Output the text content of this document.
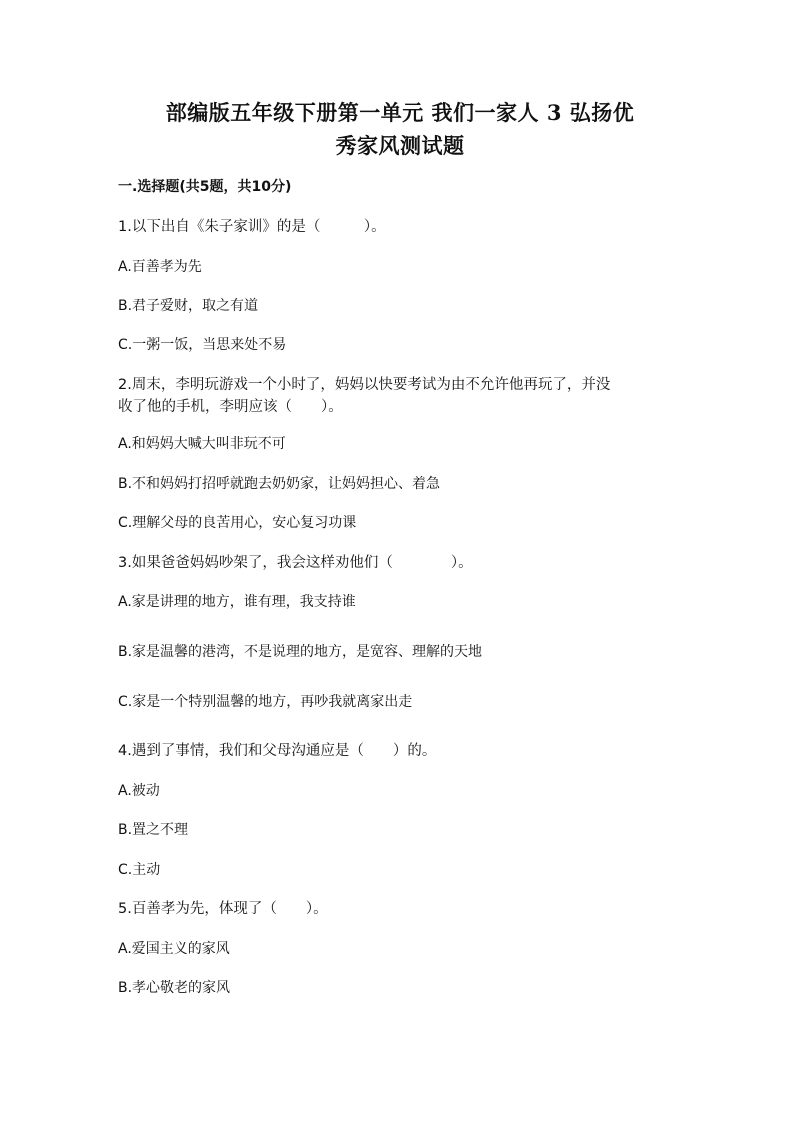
部编版五年级下册第一单元 我们一家人 3 弘扬优
秀家风测试题
一.选择题(共5题，共10分)
1.以下出自《朱子家训》的是（　　　）。
A.百善孝为先
B.君子爱财，取之有道
C.一粥一饭，当思来处不易
2.周末，李明玩游戏一个小时了，妈妈以快要考试为由不允许他再玩了，并没
收了他的手机，李明应该（　　）。
A.和妈妈大喊大叫非玩不可
B.不和妈妈打招呼就跑去奶奶家，让妈妈担心、着急
C.理解父母的良苦用心，安心复习功课
3.如果爸爸妈妈吵架了，我会这样劝他们（　　　　）。
A.家是讲理的地方，谁有理，我支持谁
B.家是温馨的港湾，不是说理的地方，是宽容、理解的天地
C.家是一个特别温馨的地方，再吵我就离家出走
4.遇到了事情，我们和父母沟通应是（　　）的。
A.被动
B.置之不理
C.主动
5.百善孝为先，体现了（　　）。
A.爱国主义的家风
B.孝心敬老的家风
